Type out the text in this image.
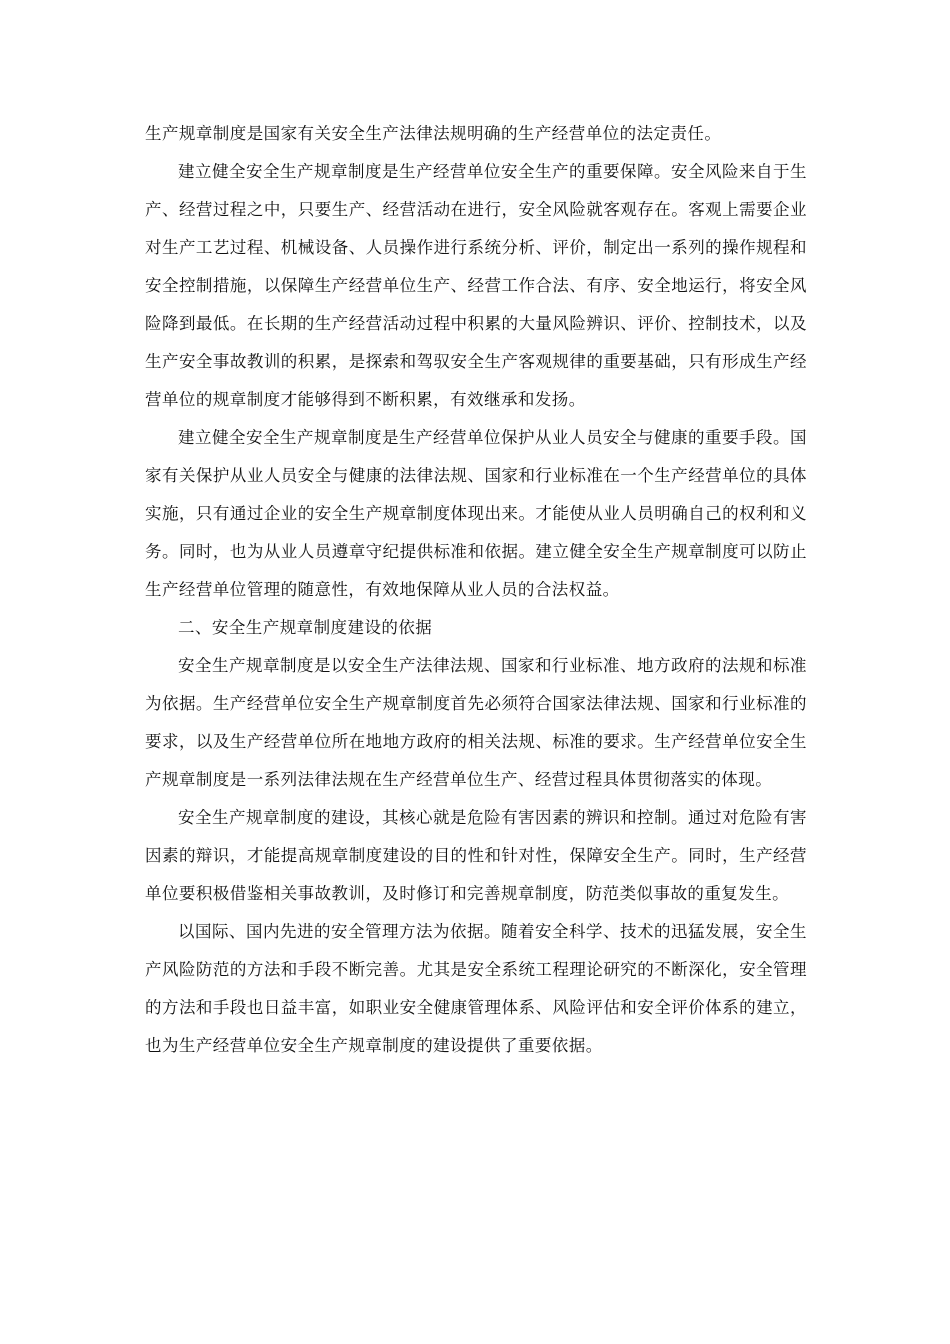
生产规章制度是国家有关安全生产法律法规明确的生产经营单位的法定责任。

建立健全安全生产规章制度是生产经营单位安全生产的重要保障。安全风险来自于生产、经营过程之中，只要生产、经营活动在进行，安全风险就客观存在。客观上需要企业对生产工艺过程、机械设备、人员操作进行系统分析、评价，制定出一系列的操作规程和安全控制措施，以保障生产经营单位生产、经营工作合法、有序、安全地运行，将安全风险降到最低。在长期的生产经营活动过程中积累的大量风险辨识、评价、控制技术，以及生产安全事故教训的积累，是探索和驾驭安全生产客观规律的重要基础，只有形成生产经营单位的规章制度才能够得到不断积累，有效继承和发扬。

建立健全安全生产规章制度是生产经营单位保护从业人员安全与健康的重要手段。国家有关保护从业人员安全与健康的法律法规、国家和行业标准在一个生产经营单位的具体实施，只有通过企业的安全生产规章制度体现出来。才能使从业人员明确自己的权利和义务。同时，也为从业人员遵章守纪提供标准和依据。建立健全安全生产规章制度可以防止生产经营单位管理的随意性，有效地保障从业人员的合法权益。

二、安全生产规章制度建设的依据

安全生产规章制度是以安全生产法律法规、国家和行业标准、地方政府的法规和标准为依据。生产经营单位安全生产规章制度首先必须符合国家法律法规、国家和行业标准的要求，以及生产经营单位所在地地方政府的相关法规、标准的要求。生产经营单位安全生产规章制度是一系列法律法规在生产经营单位生产、经营过程具体贯彻落实的体现。

安全生产规章制度的建设，其核心就是危险有害因素的辨识和控制。通过对危险有害因素的辩识，才能提高规章制度建设的目的性和针对性，保障安全生产。同时，生产经营单位要积极借鉴相关事故教训，及时修订和完善规章制度，防范类似事故的重复发生。

以国际、国内先进的安全管理方法为依据。随着安全科学、技术的迅猛发展，安全生产风险防范的方法和手段不断完善。尤其是安全系统工程理论研究的不断深化，安全管理的方法和手段也日益丰富，如职业安全健康管理体系、风险评估和安全评价体系的建立，也为生产经营单位安全生产规章制度的建设提供了重要依据。
